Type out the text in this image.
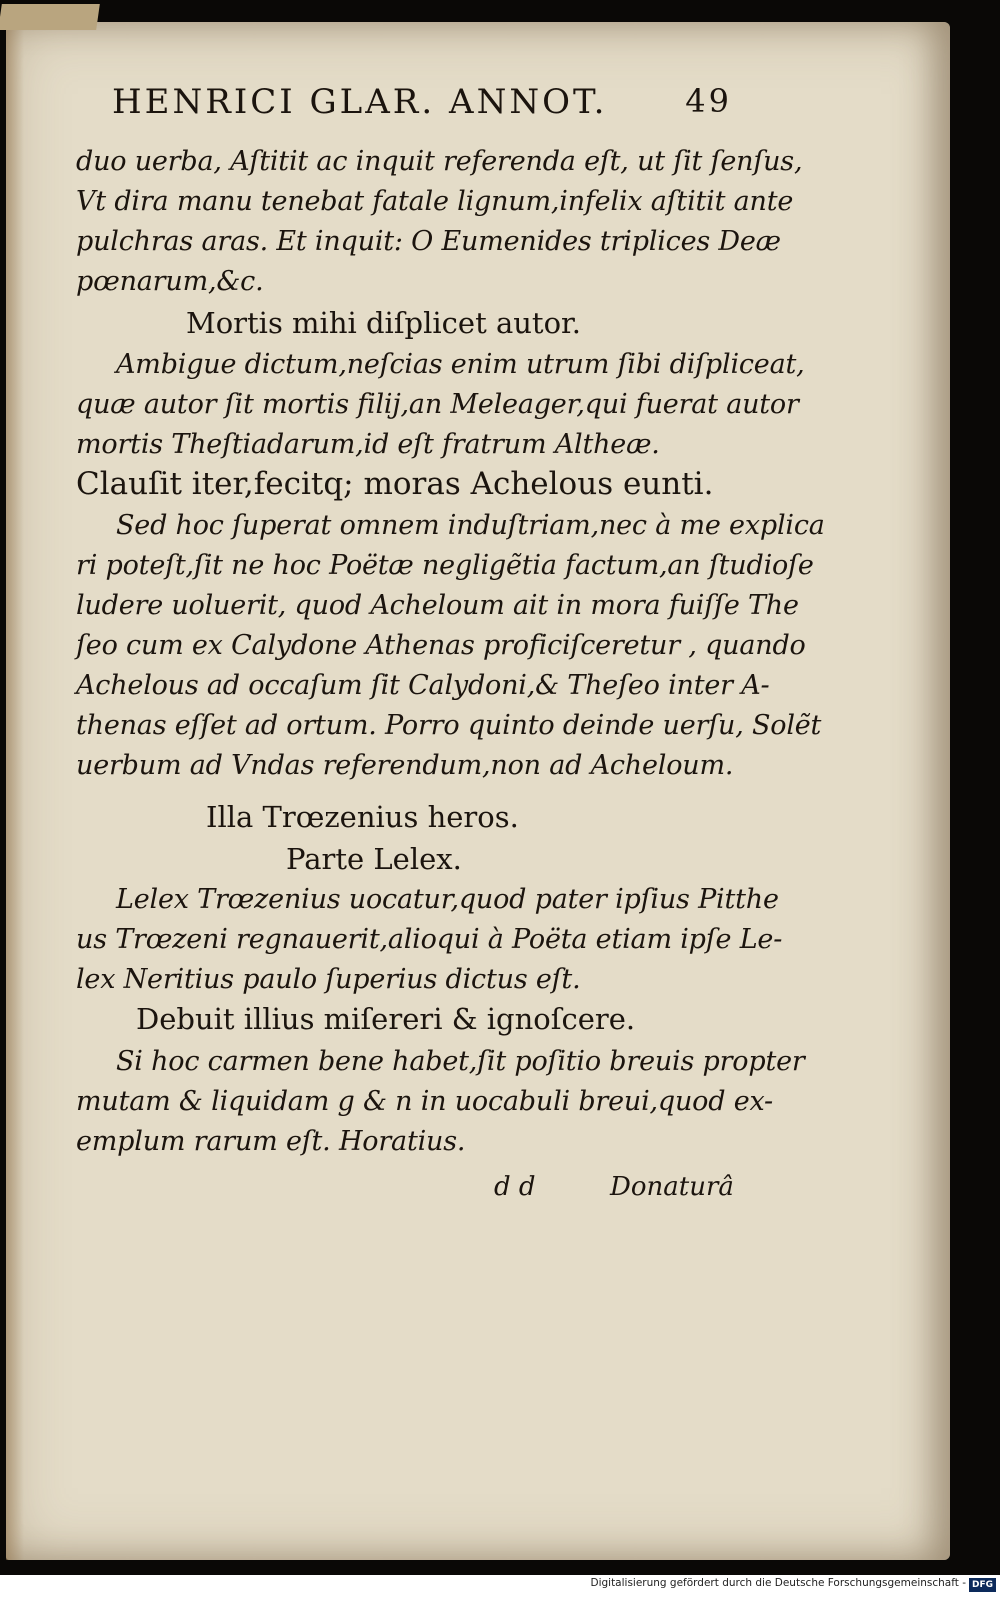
HENRICI GLAR. ANNOT. 49
duo uerba, Aſtitit ac inquit referenda eſt, ut ſit ſenſus,
Vt dira manu tenebat fatale lignum,infelix aſtitit ante
pulchras aras. Et inquit: O Eumenides triplices Deæ
pœnarum,&c.
Mortis mihi diſplicet autor.
Ambigue dictum,neſcias enim utrum ſibi diſpliceat,
quæ autor ſit mortis filij,an Meleager,qui fuerat autor
mortis Theſtiadarum,id eſt fratrum Altheæ.
Clauſit iter,fecitq; moras Achelous eunti.
Sed hoc ſuperat omnem induſtriam,nec à me explica
ri poteſt,ſit ne hoc Poëtæ negligẽtia factum,an ſtudioſe
ludere uoluerit, quod Acheloum ait in mora fuiſſe The
ſeo cum ex Calydone Athenas proficiſceretur , quando
Achelous ad occaſum ſit Calydoni,& Theſeo inter A-
thenas eſſet ad ortum. Porro quinto deinde uerſu, Solẽt
uerbum ad Vndas referendum,non ad Acheloum.
Illa Trœzenius heros.
Parte Lelex.
Lelex Trœzenius uocatur,quod pater ipſius Pitthe
us Trœzeni regnauerit,alioqui à Poëta etiam ipſe Le-
lex Neritius paulo ſuperius dictus eſt.
Debuit illius miſereri & ignoſcere.
Si hoc carmen bene habet,ſit poſitio breuis propter
mutam & liquidam g & n in uocabuli breui,quod ex-
emplum rarum eſt. Horatius.
d d	Donaturâ
Digitalisierung gefördert durch die Deutsche Forschungsgemeinschaft - DFG
